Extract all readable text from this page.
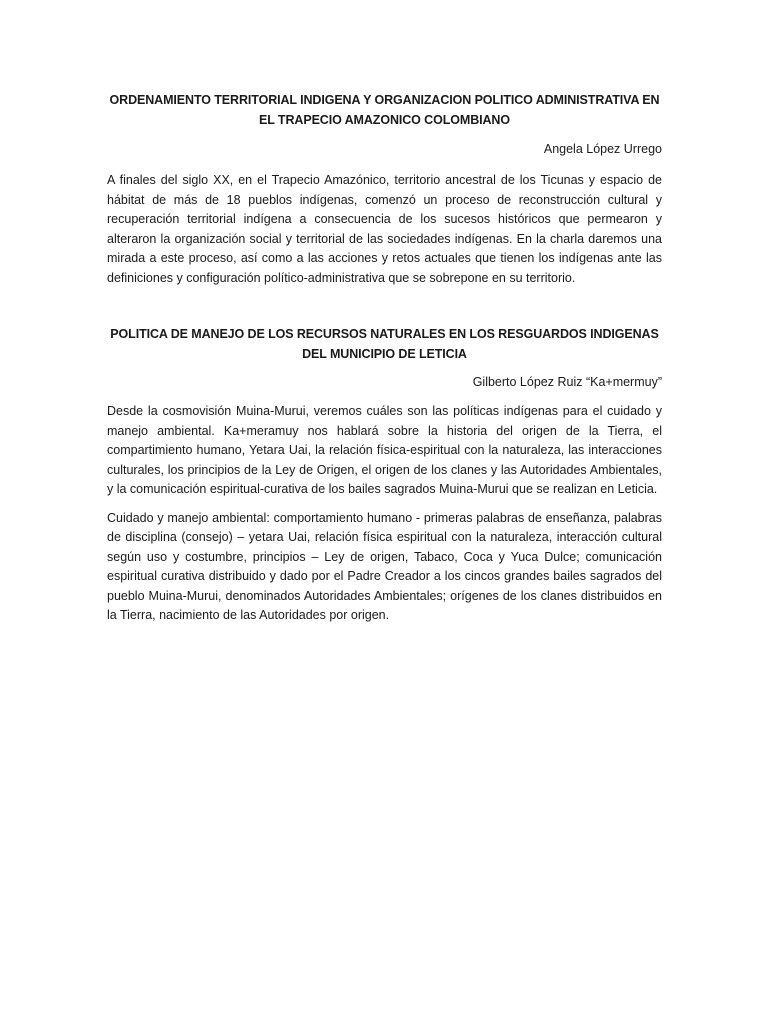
ORDENAMIENTO TERRITORIAL INDIGENA Y ORGANIZACION POLITICO ADMINISTRATIVA EN EL TRAPECIO AMAZONICO COLOMBIANO

Angela López Urrego

A finales del siglo XX, en el Trapecio Amazónico, territorio ancestral de los Ticunas y espacio de hábitat de más de 18 pueblos indígenas, comenzó un proceso de reconstrucción cultural y recuperación territorial indígena a consecuencia de los sucesos históricos que permearon y alteraron la organización social y territorial de las sociedades indígenas. En la charla daremos una mirada a este proceso, así como a las acciones y retos actuales que tienen los indígenas ante las definiciones y configuración político-administrativa que se sobrepone en su territorio.

POLITICA DE MANEJO DE LOS RECURSOS NATURALES EN LOS RESGUARDOS INDIGENAS DEL MUNICIPIO DE LETICIA

Gilberto López Ruiz “Ka+mermuy”

Desde la cosmovisión Muina-Murui, veremos cuáles son las políticas indígenas para el cuidado y manejo ambiental. Ka+meramuy nos hablará sobre la historia del origen de la Tierra, el compartimiento humano, Yetara Uai, la relación física-espiritual con la naturaleza, las interacciones culturales, los principios de la Ley de Origen, el origen de los clanes y las Autoridades Ambientales, y la comunicación espiritual-curativa de los bailes sagrados Muina-Murui que se realizan en Leticia.

Cuidado y manejo ambiental: comportamiento humano - primeras palabras de enseñanza, palabras de disciplina (consejo) – yetara Uai, relación física espiritual con la naturaleza, interacción cultural según uso y costumbre, principios – Ley de origen, Tabaco, Coca y Yuca Dulce; comunicación espiritual curativa distribuido y dado por el Padre Creador a los cincos grandes bailes sagrados del pueblo Muina-Murui, denominados Autoridades Ambientales; orígenes de los clanes distribuidos en la Tierra, nacimiento de las Autoridades por origen.
